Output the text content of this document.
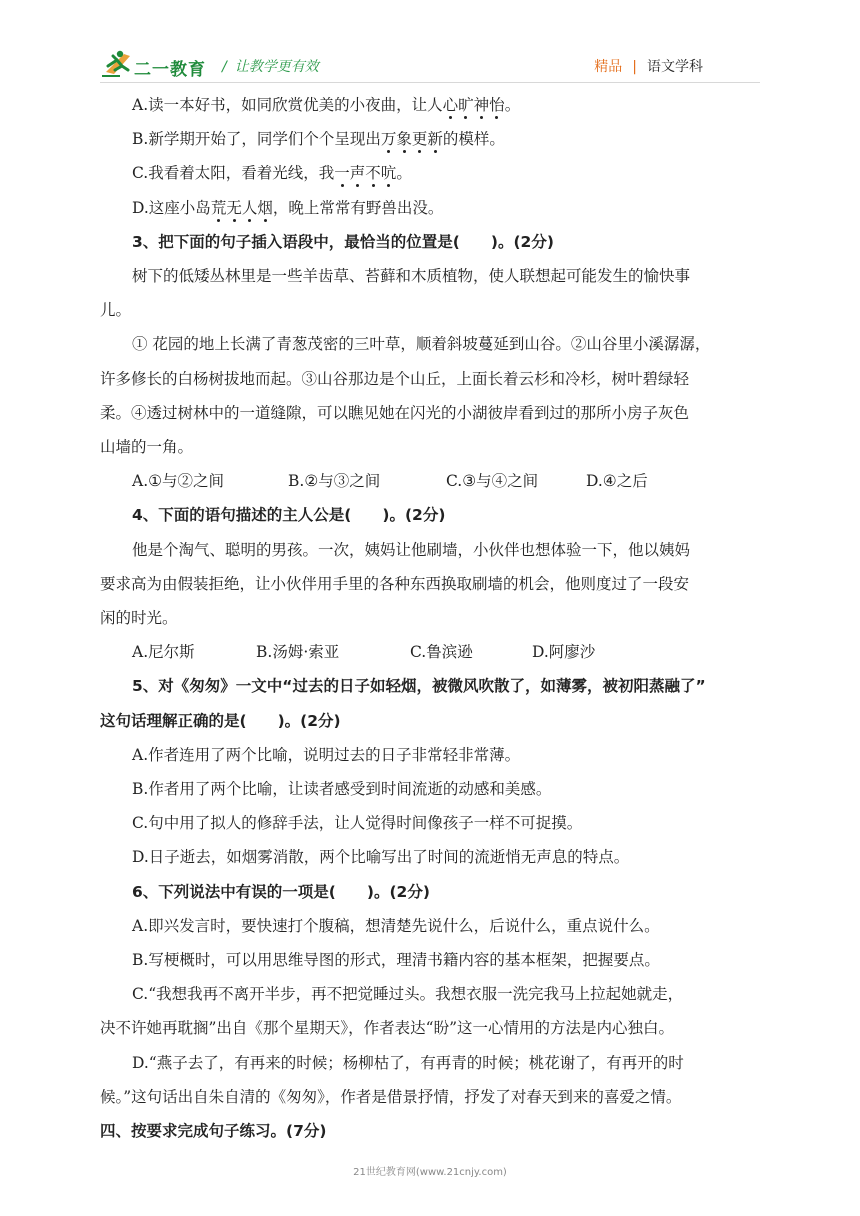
二一教育 / 让教学更有效	精品 | 语文学科
A.读一本好书，如同欣赏优美的小夜曲，让人心旷神怡。
B.新学期开始了，同学们个个呈现出万象更新的模样。
C.我看着太阳，看着光线，我一声不吭。
D.这座小岛荒无人烟，晚上常常有野兽出没。
3、把下面的句子插入语段中，最恰当的位置是(　　)。(2分)
树下的低矮丛林里是一些羊齿草、苔藓和木质植物，使人联想起可能发生的愉快事
儿。
① 花园的地上长满了青葱茂密的三叶草，顺着斜坡蔓延到山谷。②山谷里小溪潺潺，
许多修长的白杨树拔地而起。③山谷那边是个山丘，上面长着云杉和冷杉，树叶碧绿轻
柔。④透过树林中的一道缝隙，可以瞧见她在闪光的小湖彼岸看到过的那所小房子灰色
山墙的一角。
A.①与②之间	B.②与③之间	C.③与④之间	D.④之后
4、下面的语句描述的主人公是(　　)。(2分)
他是个淘气、聪明的男孩。一次，姨妈让他刷墙，小伙伴也想体验一下，他以姨妈
要求高为由假装拒绝，让小伙伴用手里的各种东西换取刷墙的机会，他则度过了一段安
闲的时光。
A.尼尔斯	B.汤姆·索亚	C.鲁滨逊	D.阿廖沙
5、对《匆匆》一文中“过去的日子如轻烟，被微风吹散了，如薄雾，被初阳蒸融了”
这句话理解正确的是(　　)。(2分)
A.作者连用了两个比喻，说明过去的日子非常轻非常薄。
B.作者用了两个比喻，让读者感受到时间流逝的动感和美感。
C.句中用了拟人的修辞手法，让人觉得时间像孩子一样不可捉摸。
D.日子逝去，如烟雾消散，两个比喻写出了时间的流逝悄无声息的特点。
6、下列说法中有误的一项是(　　)。(2分)
A.即兴发言时，要快速打个腹稿，想清楚先说什么，后说什么，重点说什么。
B.写梗概时，可以用思维导图的形式，理清书籍内容的基本框架，把握要点。
C.“我想我再不离开半步，再不把觉睡过头。我想衣服一洗完我马上拉起她就走，
决不许她再耽搁”出自《那个星期天》，作者表达“盼”这一心情用的方法是内心独白。
D.“燕子去了，有再来的时候；杨柳枯了，有再青的时候；桃花谢了，有再开的时
候。”这句话出自朱自清的《匆匆》，作者是借景抒情，抒发了对春天到来的喜爱之情。
四、按要求完成句子练习。(7分)
21世纪教育网(www.21cnjy.com)
